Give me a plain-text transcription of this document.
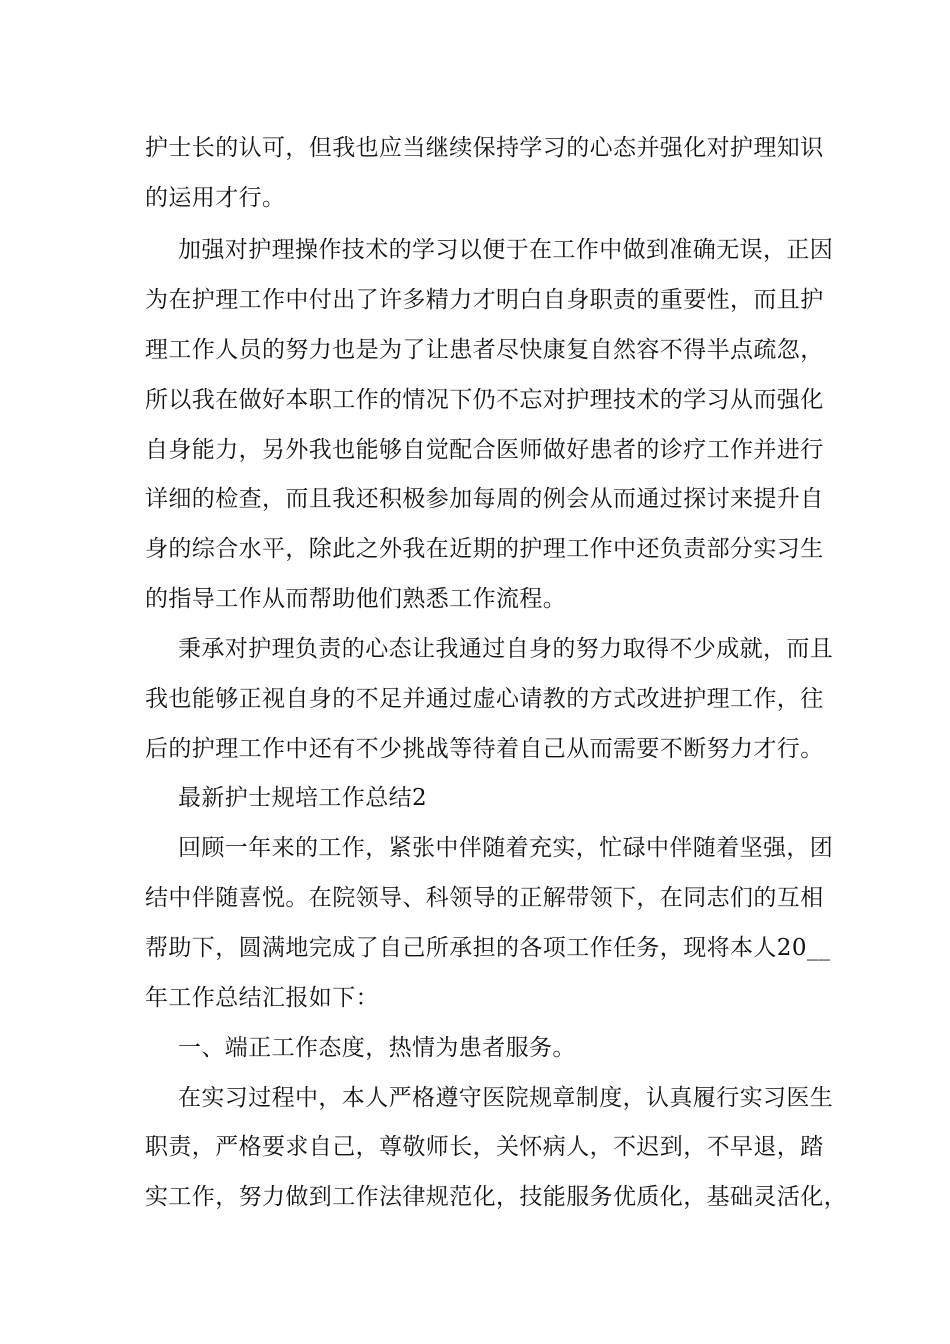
护士长的认可，但我也应当继续保持学习的心态并强化对护理知识
的运用才行。
加强对护理操作技术的学习以便于在工作中做到准确无误，正因
为在护理工作中付出了许多精力才明白自身职责的重要性，而且护
理工作人员的努力也是为了让患者尽快康复自然容不得半点疏忽，
所以我在做好本职工作的情况下仍不忘对护理技术的学习从而强化
自身能力，另外我也能够自觉配合医师做好患者的诊疗工作并进行
详细的检查，而且我还积极参加每周的例会从而通过探讨来提升自
身的综合水平，除此之外我在近期的护理工作中还负责部分实习生
的指导工作从而帮助他们熟悉工作流程。
秉承对护理负责的心态让我通过自身的努力取得不少成就，而且
我也能够正视自身的不足并通过虚心请教的方式改进护理工作，往
后的护理工作中还有不少挑战等待着自己从而需要不断努力才行。
最新护士规培工作总结2
回顾一年来的工作，紧张中伴随着充实，忙碌中伴随着坚强，团
结中伴随喜悦。在院领导、科领导的正解带领下，在同志们的互相
帮助下，圆满地完成了自己所承担的各项工作任务，现将本人20__
年工作总结汇报如下：
一、端正工作态度，热情为患者服务。
在实习过程中，本人严格遵守医院规章制度，认真履行实习医生
职责，严格要求自己，尊敬师长，关怀病人，不迟到，不早退，踏
实工作，努力做到工作法律规范化，技能服务优质化，基础灵活化，
